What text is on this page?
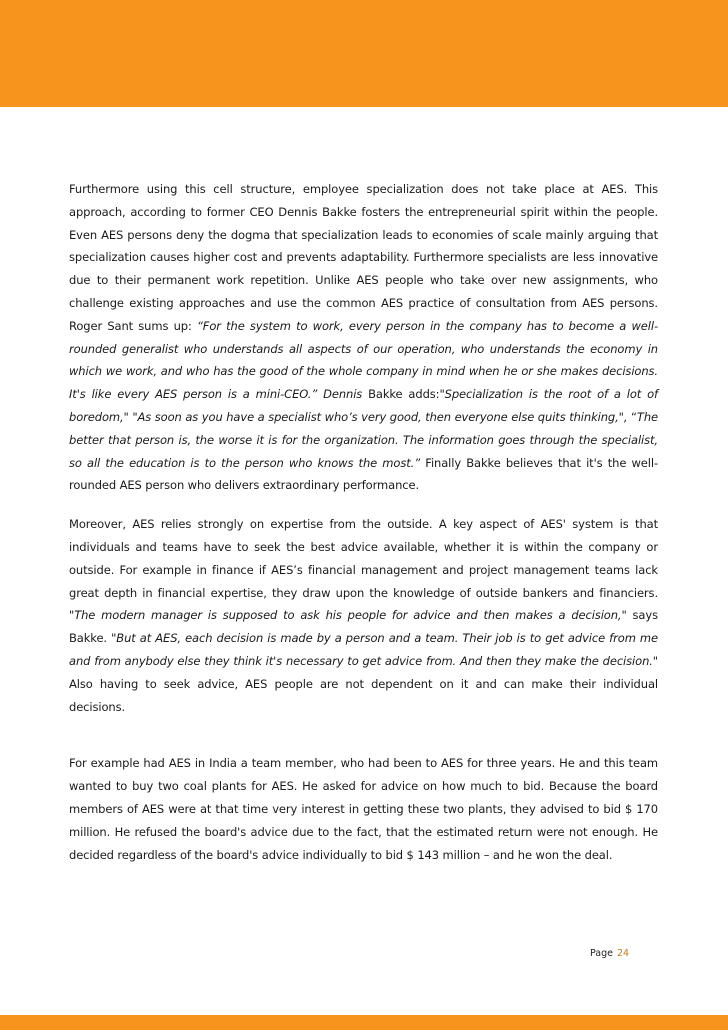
Furthermore using this cell structure, employee specialization does not take place at AES. This approach, according to former CEO Dennis Bakke fosters the entrepreneurial spirit within the people. Even AES persons deny the dogma that specialization leads to economies of scale mainly arguing that specialization causes higher cost and prevents adaptability. Furthermore specialists are less innovative due to their permanent work repetition. Unlike AES people who take over new assignments, who challenge existing approaches and use the common AES practice of consultation from AES persons. Roger Sant sums up: “For the system to work, every person in the company has to become a well-rounded generalist who understands all aspects of our operation, who understands the economy in which we work, and who has the good of the whole company in mind when he or she makes decisions. It's like every AES person is a mini-CEO.” Dennis Bakke adds:"Specialization is the root of a lot of boredom," "As soon as you have a specialist who’s very good, then everyone else quits thinking,", “The better that person is, the worse it is for the organization. The information goes through the specialist, so all the education is to the person who knows the most.” Finally Bakke believes that it's the well-rounded AES person who delivers extraordinary performance.

Moreover, AES relies strongly on expertise from the outside. A key aspect of AES' system is that individuals and teams have to seek the best advice available, whether it is within the company or outside. For example in finance if AES’s financial management and project management teams lack great depth in financial expertise, they draw upon the knowledge of outside bankers and financiers. "The modern manager is supposed to ask his people for advice and then makes a decision," says Bakke. "But at AES, each decision is made by a person and a team. Their job is to get advice from me and from anybody else they think it's necessary to get advice from. And then they make the decision." Also having to seek advice, AES people are not dependent on it and can make their individual decisions.

For example had AES in India a team member, who had been to AES for three years. He and this team wanted to buy two coal plants for AES. He asked for advice on how much to bid. Because the board members of AES were at that time very interest in getting these two plants, they advised to bid $ 170 million. He refused the board's advice due to the fact, that the estimated return were not enough. He decided regardless of the board's advice individually to bid $ 143 million – and he won the deal.

Page 24
